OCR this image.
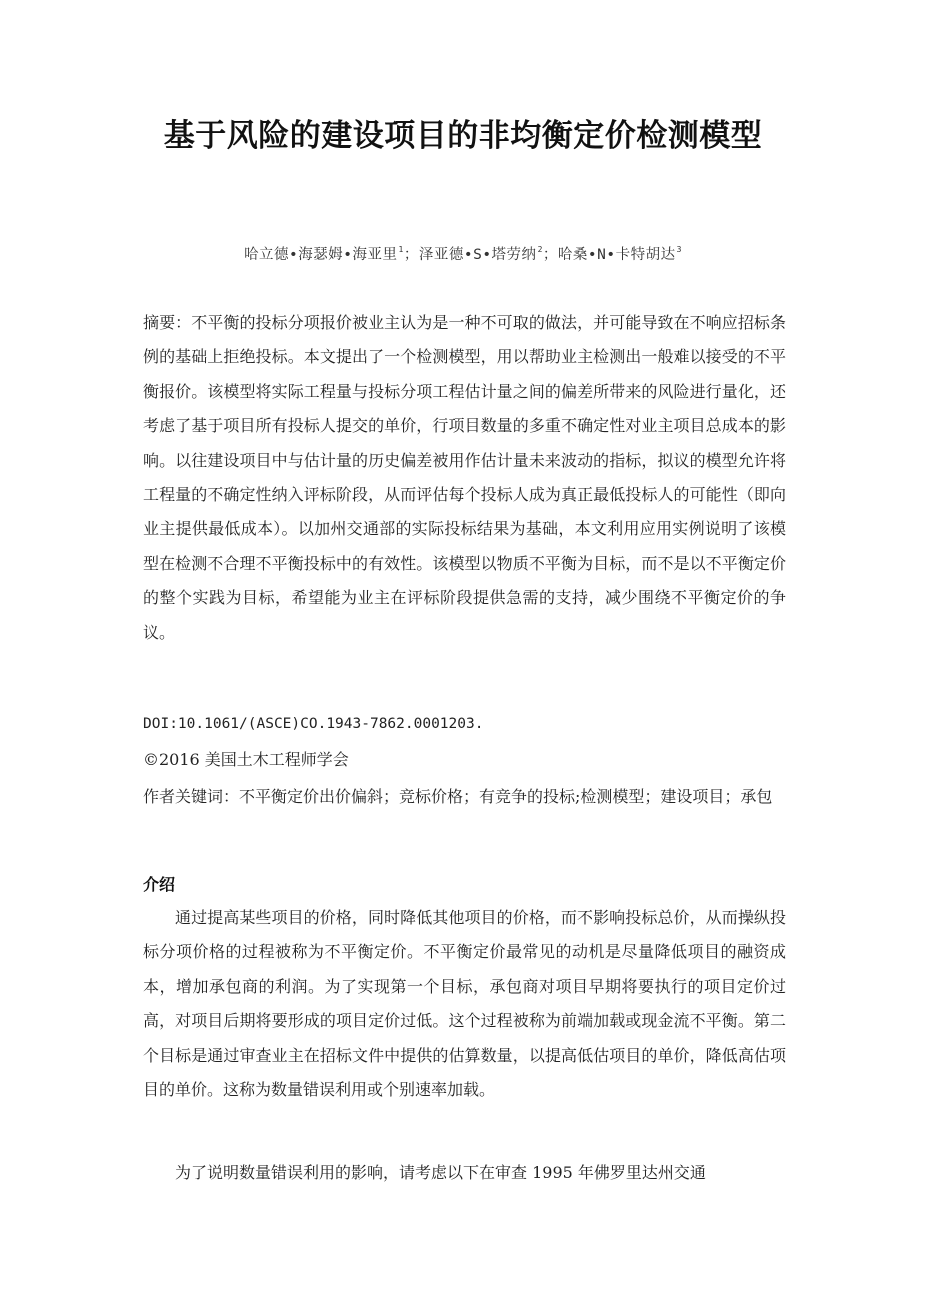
基于风险的建设项目的非均衡定价检测模型
哈立德•海瑟姆•海亚里$^1$；泽亚德•S•塔劳纳$^2$；哈桑•N•卡特胡达$^3$

摘要：不平衡的投标分项报价被业主认为是一种不可取的做法，并可能导致在不响应招标条例的基础上拒绝投标。本文提出了一个检测模型，用以帮助业主检测出一般难以接受的不平衡报价。该模型将实际工程量与投标分项工程估计量之间的偏差所带来的风险进行量化，还考虑了基于项目所有投标人提交的单价，行项目数量的多重不确定性对业主项目总成本的影响。以往建设项目中与估计量的历史偏差被用作估计量未来波动的指标，拟议的模型允许将工程量的不确定性纳入评标阶段，从而评估每个投标人成为真正最低投标人的可能性（即向业主提供最低成本）。以加州交通部的实际投标结果为基础，本文利用应用实例说明了该模型在检测不合理不平衡投标中的有效性。该模型以物质不平衡为目标，而不是以不平衡定价的整个实践为目标，希望能为业主在评标阶段提供急需的支持，减少围绕不平衡定价的争议。

DOI:10.1061/(ASCE)CO.1943-7862.0001203.

©2016 美国土木工程师学会

作者关键词：不平衡定价出价偏斜；竞标价格；有竞争的投标;检测模型；建设项目；承包

介绍

通过提高某些项目的价格，同时降低其他项目的价格，而不影响投标总价，从而操纵投标分项价格的过程被称为不平衡定价。不平衡定价最常见的动机是尽量降低项目的融资成本，增加承包商的利润。为了实现第一个目标，承包商对项目早期将要执行的项目定价过高，对项目后期将要形成的项目定价过低。这个过程被称为前端加载或现金流不平衡。第二个目标是通过审查业主在招标文件中提供的估算数量，以提高低估项目的单价，降低高估项目的单价。这称为数量错误利用或个别速率加载。

为了说明数量错误利用的影响，请考虑以下在审查 1995 年佛罗里达州交通
